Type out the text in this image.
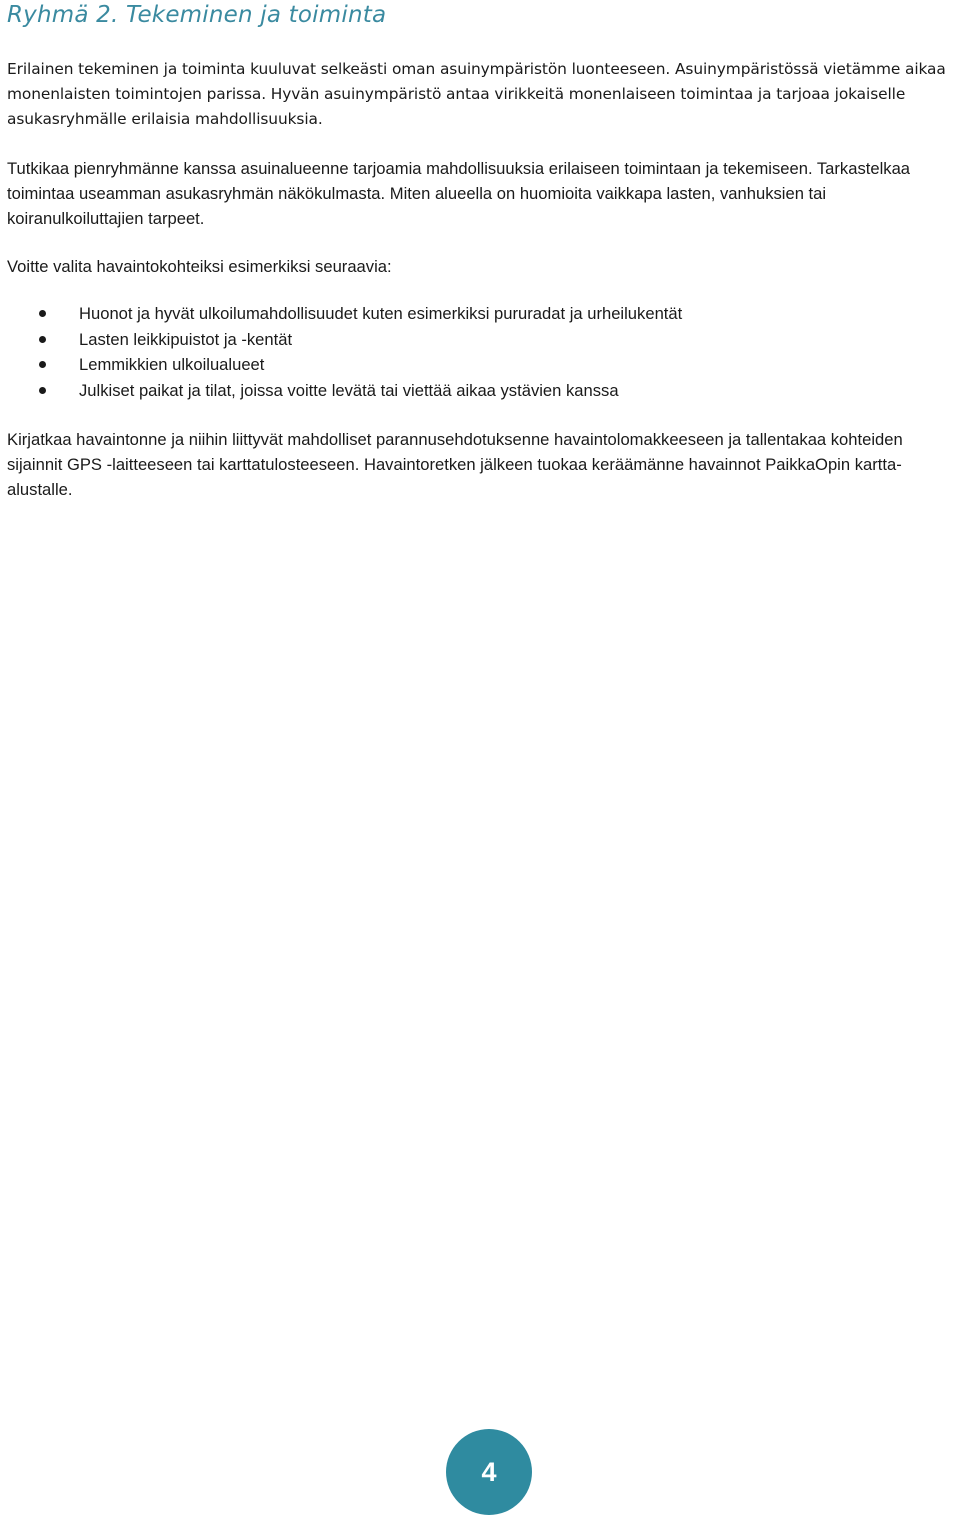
Ryhmä 2. Tekeminen ja toiminta

Erilainen tekeminen ja toiminta kuuluvat selkeästi oman asuinympäristön luonteeseen. Asuinympäristössä vietämme aikaa monenlaisten toimintojen parissa. Hyvän asuinympäristö antaa virikkeitä monenlaiseen toimintaa ja tarjoaa jokaiselle asukasryhmälle erilaisia mahdollisuuksia.

Tutkikaa pienryhmänne kanssa asuinalueenne tarjoamia mahdollisuuksia erilaiseen toimintaan ja tekemiseen. Tarkastelkaa toimintaa useamman asukasryhmän näkökulmasta. Miten alueella on huomioita vaikkapa lasten, vanhuksien tai koiranulkoiluttajien tarpeet.

Voitte valita havaintokohteiksi esimerkiksi seuraavia:

Huonot ja hyvät ulkoilumahdollisuudet kuten esimerkiksi pururadat ja urheilukentät
Lasten leikkipuistot ja -kentät
Lemmikkien ulkoilualueet
Julkiset paikat ja tilat, joissa voitte levätä tai viettää aikaa ystävien kanssa

Kirjatkaa havaintonne ja niihin liittyvät mahdolliset parannusehdotuksenne havaintolomakkeeseen ja tallentakaa kohteiden sijainnit GPS -laitteeseen tai karttatulosteeseen. Havaintoretken jälkeen tuokaa keräämänne havainnot PaikkaOpin kartta-alustalle.

4
